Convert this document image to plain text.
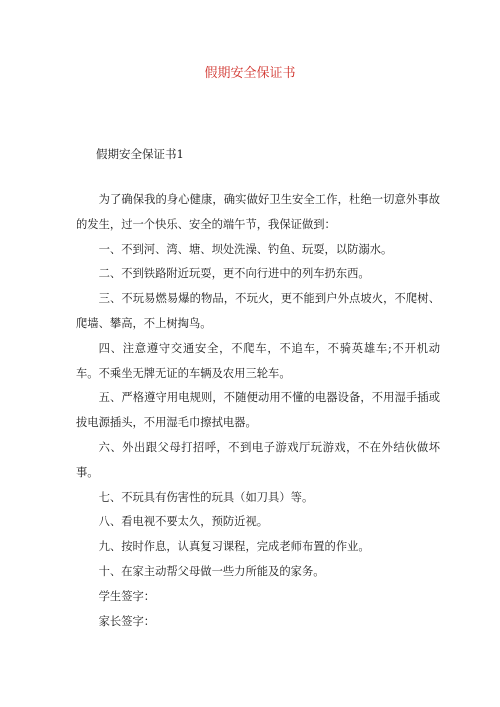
假期安全保证书
假期安全保证书1

为了确保我的身心健康，确实做好卫生安全工作，杜绝一切意外事故的发生，过一个快乐、安全的端午节，我保证做到：

一、不到河、湾、塘、坝处洗澡、钓鱼、玩耍，以防溺水。

二、不到铁路附近玩耍，更不向行进中的列车扔东西。

三、不玩易燃易爆的物品，不玩火，更不能到户外点坡火，不爬树、爬墙、攀高，不上树掏鸟。

四、注意遵守交通安全，不爬车，不追车，不骑英雄车;不开机动车。不乘坐无牌无证的车辆及农用三轮车。

五、严格遵守用电规则，不随便动用不懂的电器设备，不用湿手插或拔电源插头，不用湿毛巾擦拭电器。

六、外出跟父母打招呼，不到电子游戏厅玩游戏，不在外结伙做坏事。

七、不玩具有伤害性的玩具（如刀具）等。

八、看电视不要太久，预防近视。

九、按时作息，认真复习课程，完成老师布置的作业。

十、在家主动帮父母做一些力所能及的家务。

学生签字：

家长签字：
